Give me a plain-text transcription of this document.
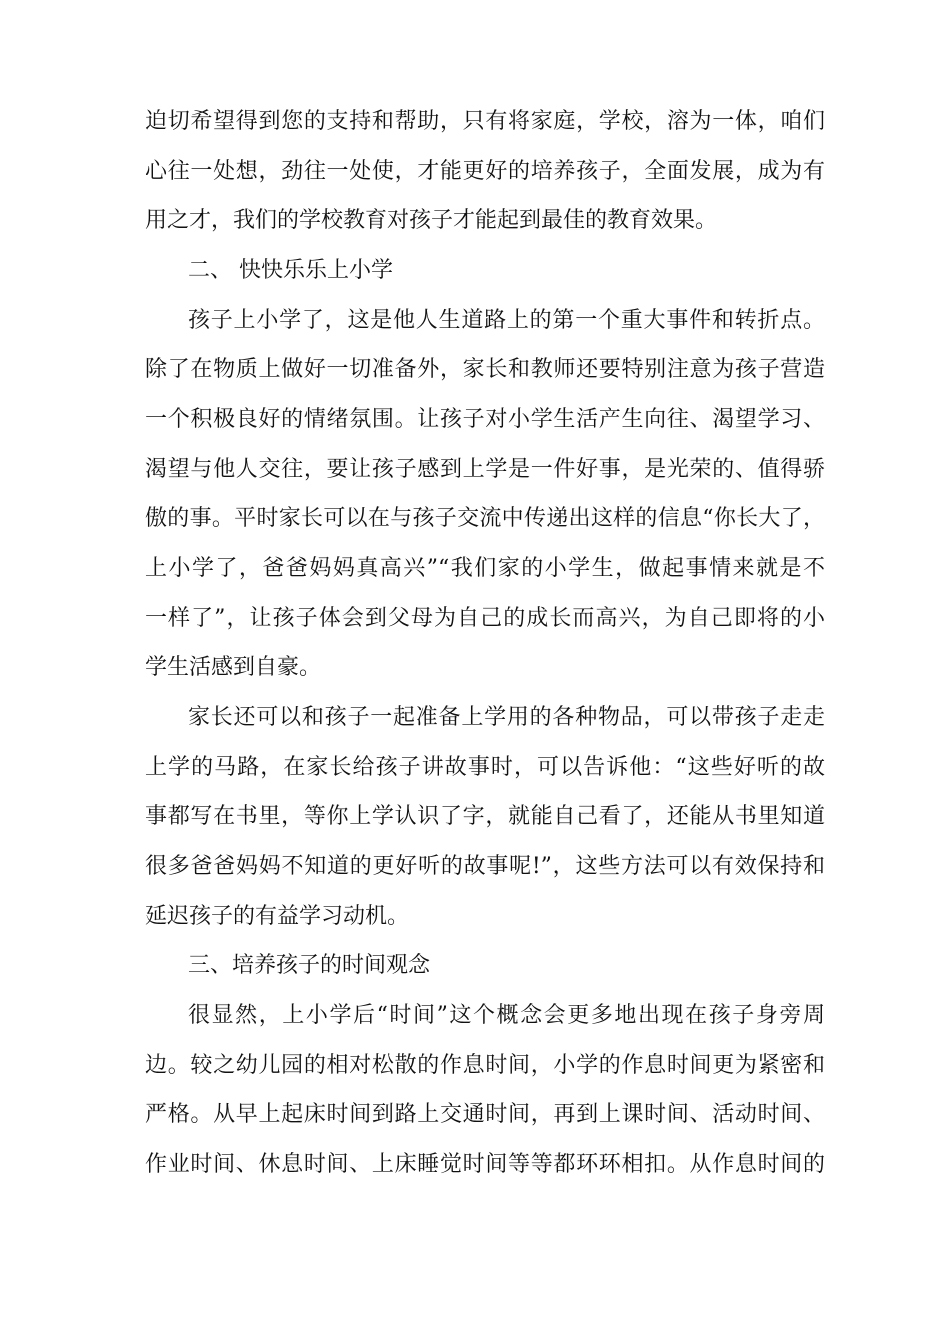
迫切希望得到您的支持和帮助，只有将家庭，学校，溶为一体，咱们
心往一处想，劲往一处使，才能更好的培养孩子，全面发展，成为有
用之才，我们的学校教育对孩子才能起到最佳的教育效果。
二、 快快乐乐上小学
孩子上小学了，这是他人生道路上的第一个重大事件和转折点。
除了在物质上做好一切准备外，家长和教师还要特别注意为孩子营造
一个积极良好的情绪氛围。让孩子对小学生活产生向往、渴望学习、
渴望与他人交往，要让孩子感到上学是一件好事，是光荣的、值得骄
傲的事。平时家长可以在与孩子交流中传递出这样的信息“你长大了，
上小学了，爸爸妈妈真高兴”“我们家的小学生，做起事情来就是不
一样了”，让孩子体会到父母为自己的成长而高兴，为自己即将的小
学生活感到自豪。
家长还可以和孩子一起准备上学用的各种物品，可以带孩子走走
上学的马路，在家长给孩子讲故事时，可以告诉他：“这些好听的故
事都写在书里，等你上学认识了字，就能自己看了，还能从书里知道
很多爸爸妈妈不知道的更好听的故事呢!”，这些方法可以有效保持和
延迟孩子的有益学习动机。
三、培养孩子的时间观念
很显然，上小学后“时间”这个概念会更多地出现在孩子身旁周
边。较之幼儿园的相对松散的作息时间，小学的作息时间更为紧密和
严格。从早上起床时间到路上交通时间，再到上课时间、活动时间、
作业时间、休息时间、上床睡觉时间等等都环环相扣。从作息时间的
